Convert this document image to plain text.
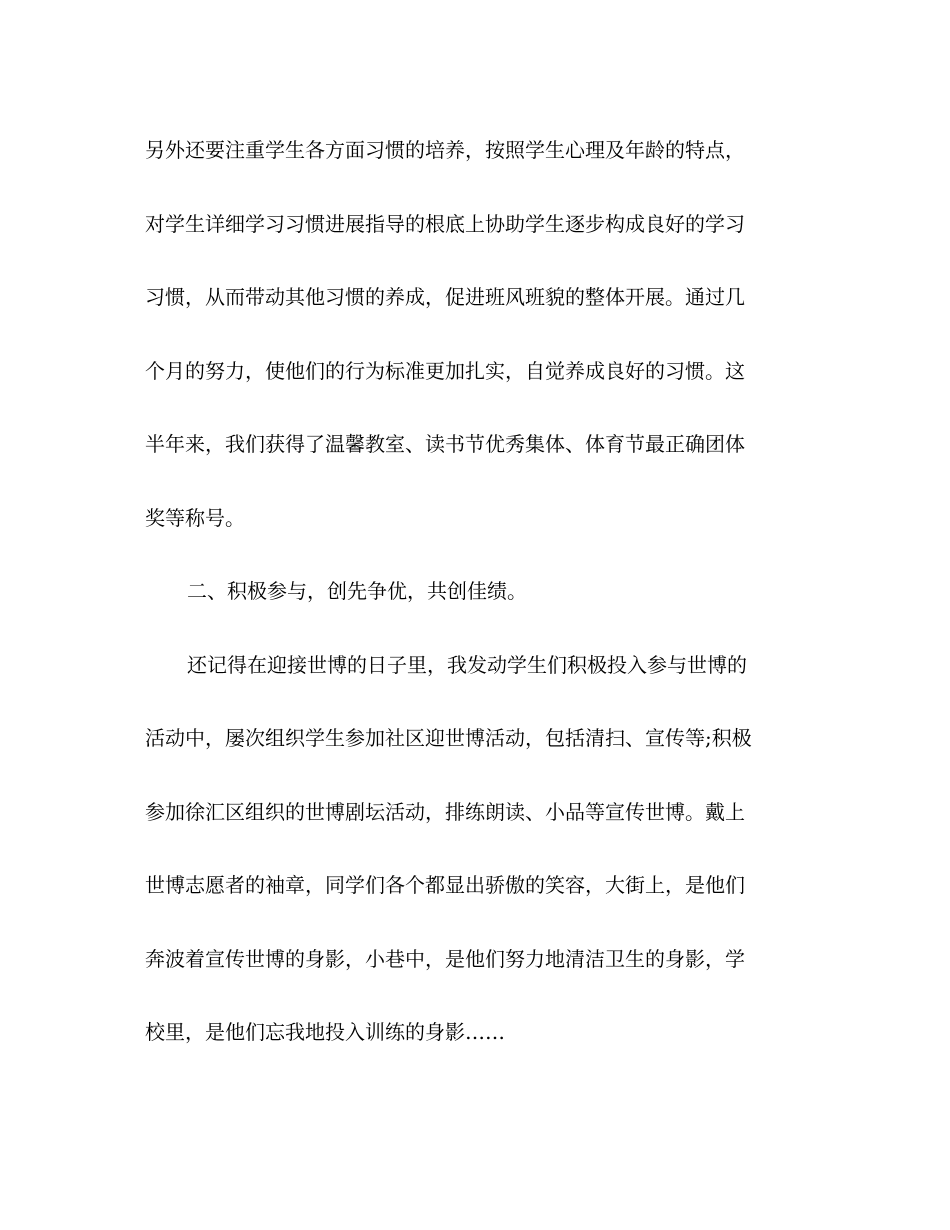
另外还要注重学生各方面习惯的培养，按照学生心理及年龄的特点，
对学生详细学习习惯进展指导的根底上协助学生逐步构成良好的学习
习惯，从而带动其他习惯的养成，促进班风班貌的整体开展。通过几
个月的努力，使他们的行为标准更加扎实，自觉养成良好的习惯。这
半年来，我们获得了温馨教室、读书节优秀集体、体育节最正确团体
奖等称号。
二、积极参与，创先争优，共创佳绩。
还记得在迎接世博的日子里，我发动学生们积极投入参与世博的
活动中，屡次组织学生参加社区迎世博活动，包括清扫、宣传等;积极
参加徐汇区组织的世博剧坛活动，排练朗读、小品等宣传世博。戴上
世博志愿者的袖章，同学们各个都显出骄傲的笑容，大街上，是他们
奔波着宣传世博的身影，小巷中，是他们努力地清洁卫生的身影，学
校里，是他们忘我地投入训练的身影……
